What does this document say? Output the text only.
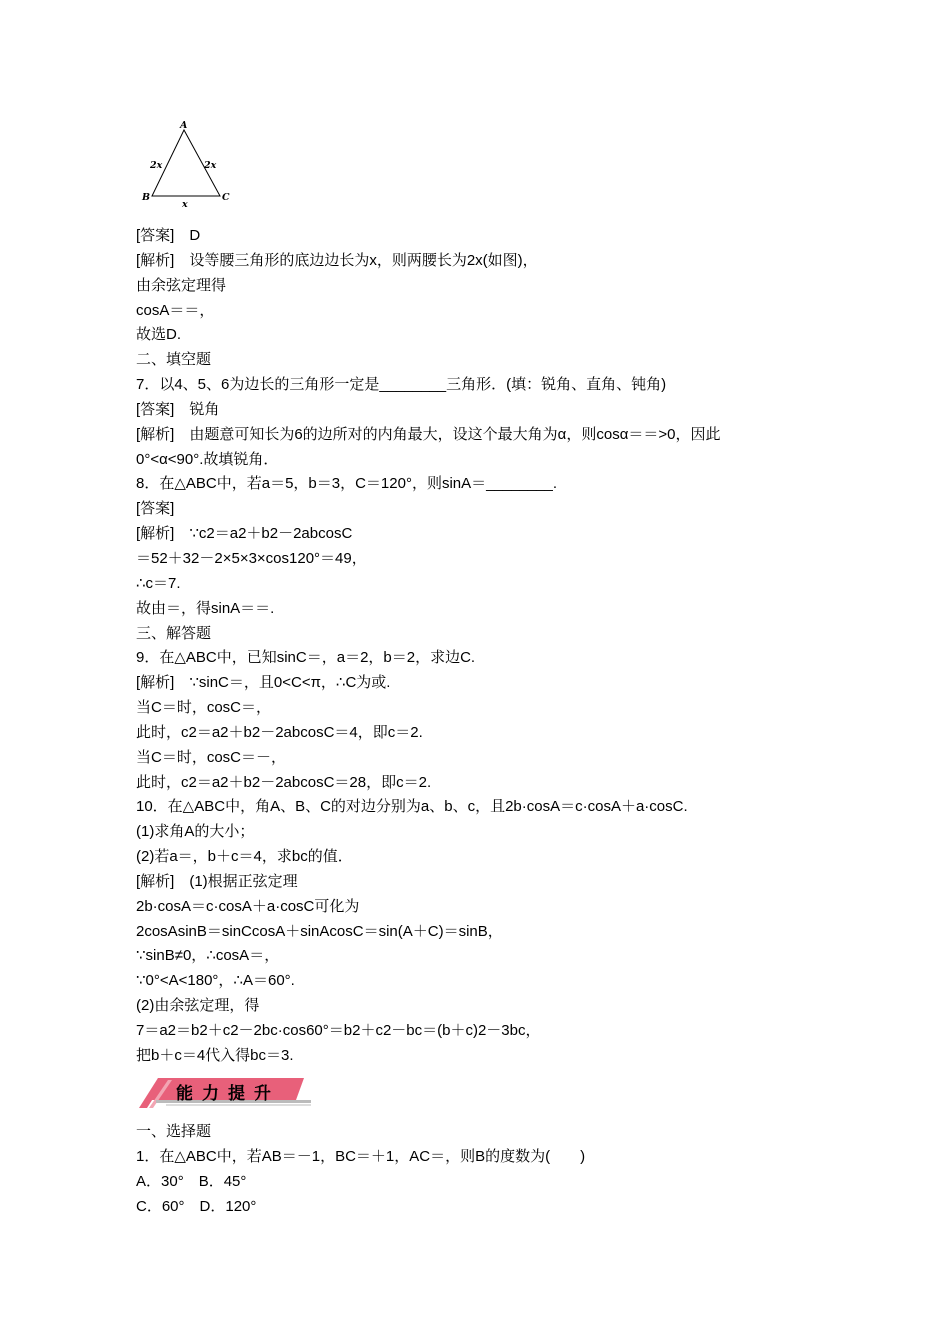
A
B	C
2x	2x
x
[答案]　D
[解析]　设等腰三角形的底边边长为x，则两腰长为2x(如图)，
由余弦定理得
cosA＝＝，
故选D.
二、填空题
7．以4、5、6为边长的三角形一定是________三角形．(填：锐角、直角、钝角)
[答案]　锐角
[解析]　由题意可知长为6的边所对的内角最大，设这个最大角为α，则cosα＝＝>0，因此
0°<α<90°.故填锐角．
8．在△ABC中，若a＝5，b＝3，C＝120°，则sinA＝________.
[答案]
[解析]　∵c2＝a2＋b2－2abcosC
＝52＋32－2×5×3×cos120°＝49，
∴c＝7.
故由＝，得sinA＝＝.
三、解答题
9．在△ABC中，已知sinC＝，a＝2，b＝2，求边C.
[解析]　∵sinC＝，且0<C<π，∴C为或.
当C＝时，cosC＝，
此时，c2＝a2＋b2－2abcosC＝4，即c＝2.
当C＝时，cosC＝－，
此时，c2＝a2＋b2－2abcosC＝28，即c＝2.
10．在△ABC中，角A、B、C的对边分别为a、b、c，且2b·cosA＝c·cosA＋a·cosC.
(1)求角A的大小；
(2)若a＝，b＋c＝4，求bc的值．
[解析]　(1)根据正弦定理
2b·cosA＝c·cosA＋a·cosC可化为
2cosAsinB＝sinCcosA＋sinAcosC＝sin(A＋C)＝sinB，
∵sinB≠0，∴cosA＝，
∵0°<A<180°，∴A＝60°.
(2)由余弦定理，得
7＝a2＝b2＋c2－2bc·cos60°＝b2＋c2－bc＝(b＋c)2－3bc，
把b＋c＝4代入得bc＝3.
能力提升
一、选择题
1．在△ABC中，若AB＝－1，BC＝＋1，AC＝，则B的度数为(　　)
A．30°　B．45°
C．60°　D．120°
